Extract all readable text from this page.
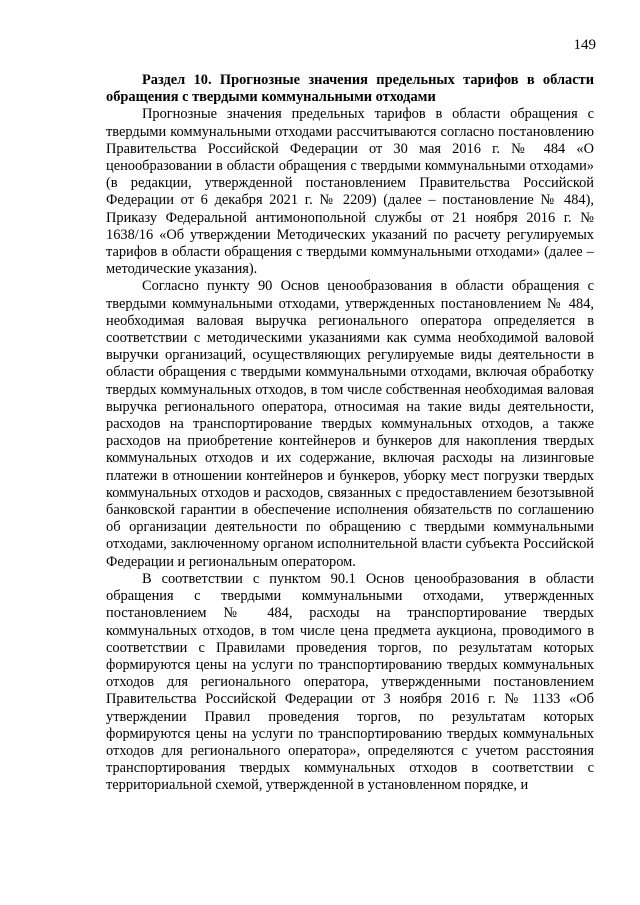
149

Раздел 10. Прогнозные значения предельных тарифов в области обращения с твердыми коммунальными отходами

Прогнозные значения предельных тарифов в области обращения с твердыми коммунальными отходами рассчитываются согласно постановлению Правительства Российской Федерации от 30 мая 2016 г. № 484 «О ценообразовании в области обращения с твердыми коммунальными отходами» (в редакции, утвержденной постановлением Правительства Российской Федерации от 6 декабря 2021 г. № 2209) (далее – постановление № 484), Приказу Федеральной антимонопольной службы от 21 ноября 2016 г. № 1638/16 «Об утверждении Методических указаний по расчету регулируемых тарифов в области обращения с твердыми коммунальными отходами» (далее – методические указания).

Согласно пункту 90 Основ ценообразования в области обращения с твердыми коммунальными отходами, утвержденных постановлением № 484, необходимая валовая выручка регионального оператора определяется в соответствии с методическими указаниями как сумма необходимой валовой выручки организаций, осуществляющих регулируемые виды деятельности в области обращения с твердыми коммунальными отходами, включая обработку твердых коммунальных отходов, в том числе собственная необходимая валовая выручка регионального оператора, относимая на такие виды деятельности, расходов на транспортирование твердых коммунальных отходов, а также расходов на приобретение контейнеров и бункеров для накопления твердых коммунальных отходов и их содержание, включая расходы на лизинговые платежи в отношении контейнеров и бункеров, уборку мест погрузки твердых коммунальных отходов и расходов, связанных с предоставлением безотзывной банковской гарантии в обеспечение исполнения обязательств по соглашению об организации деятельности по обращению с твердыми коммунальными отходами, заключенному органом исполнительной власти субъекта Российской Федерации и региональным оператором.

В соответствии с пунктом 90.1 Основ ценообразования в области обращения с твердыми коммунальными отходами, утвержденных постановлением № 484, расходы на транспортирование твердых коммунальных отходов, в том числе цена предмета аукциона, проводимого в соответствии с Правилами проведения торгов, по результатам которых формируются цены на услуги по транспортированию твердых коммунальных отходов для регионального оператора, утвержденными постановлением Правительства Российской Федерации от 3 ноября 2016 г. № 1133 «Об утверждении Правил проведения торгов, по результатам которых формируются цены на услуги по транспортированию твердых коммунальных отходов для регионального оператора», определяются с учетом расстояния транспортирования твердых коммунальных отходов в соответствии с территориальной схемой, утвержденной в установленном порядке, и
